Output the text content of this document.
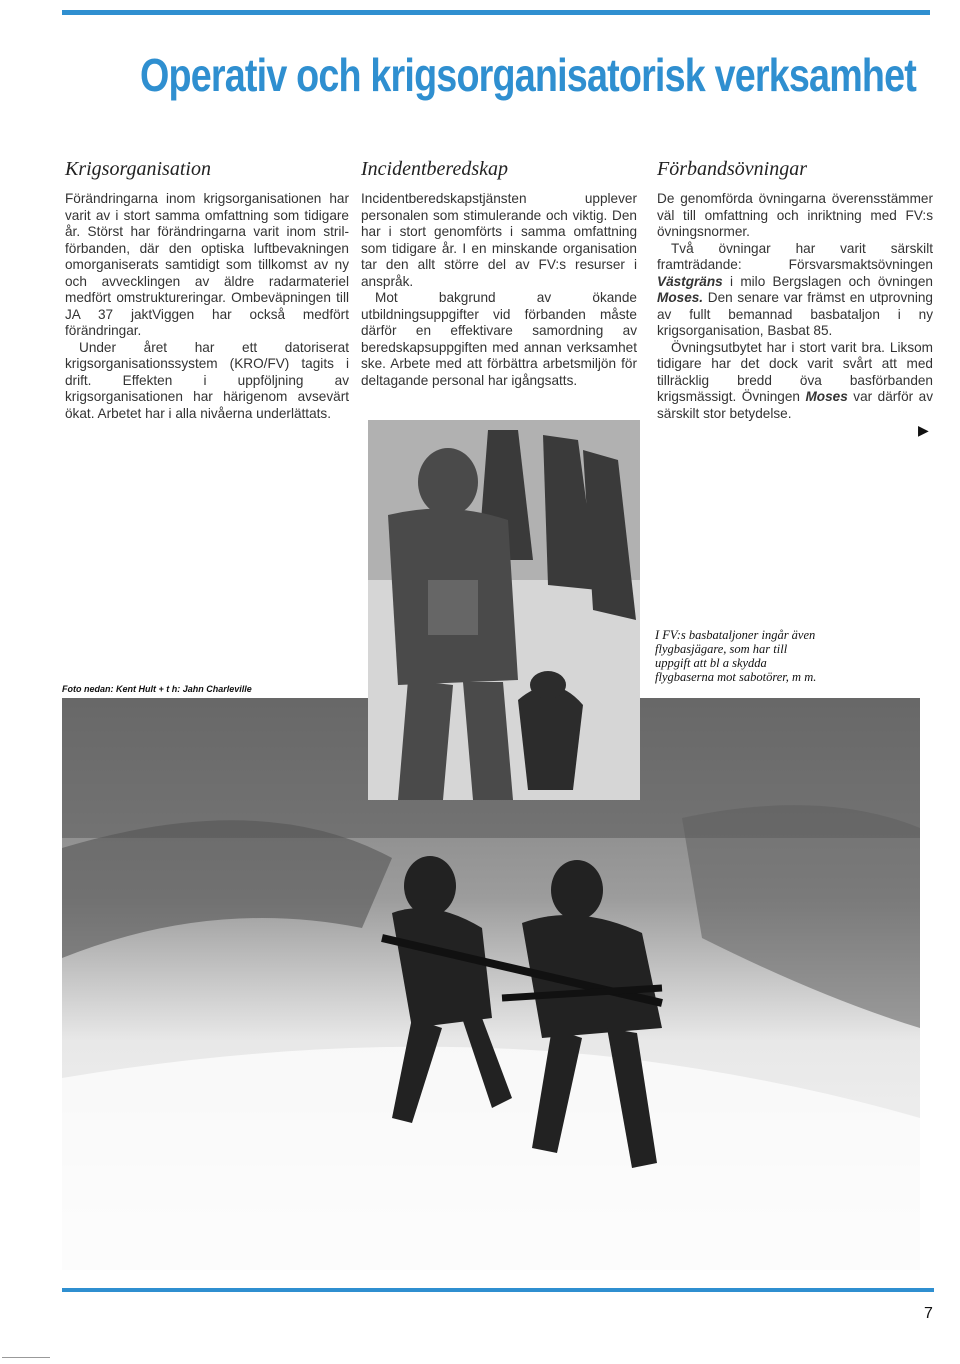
Operativ och krigsorganisatorisk verksamhet
Krigsorganisation

Förändringarna inom krigsorganisationen har varit av i stort samma omfattning som tidigare år. Störst har förändringarna varit inom stril-förbanden, där den optiska luftbevakningen omorganiserats samtidigt som tillkomst av ny och avvecklingen av äldre radarmateriel medfört omstruktureringar. Ombeväpningen till JA 37 jaktViggen har också medfört förändringar.

Under året har ett datoriserat krigsorganisationssystem (KRO/FV) tagits i drift. Effekten i uppföljning av krigsorganisationen har härigenom avsevärt ökat. Arbetet har i alla nivåerna underlättats.

Incidentberedskap

Incidentberedskapstjänsten upplever personalen som stimulerande och viktig. Den har i stort genomförts i samma omfattning som tidigare år. I en minskande organisation tar den allt större del av FV:s resurser i anspråk.

Mot bakgrund av ökande utbildningsuppgifter vid förbanden måste därför en effektivare samordning av beredskapsuppgiften med annan verksamhet ske. Arbete med att förbättra arbetsmiljön för deltagande personal har igångsatts.

Förbandsövningar

De genomförda övningarna överensstämmer väl till omfattning och inriktning med FV:s övningsnormer.

Två övningar har varit särskilt framträdande: Försvarsmaktsövningen Västgräns i milo Bergslagen och övningen Moses. Den senare var främst en utprovning av fullt bemannad basbataljon i ny krigsorganisation, Basbat 85.

Övningsutbytet har i stort varit bra. Liksom tidigare har det dock varit svårt att med tillräcklig bredd öva basförbanden krigsmässigt. Övningen Moses var därför av särskilt stor betydelse.

▶
Foto nedan: Kent Hult + t h: Jahn Charleville
I FV:s basbataljoner ingår även flygbasjägare, som har till uppgift att bl a skydda flygbaserna mot sabotörer, m m.
7
